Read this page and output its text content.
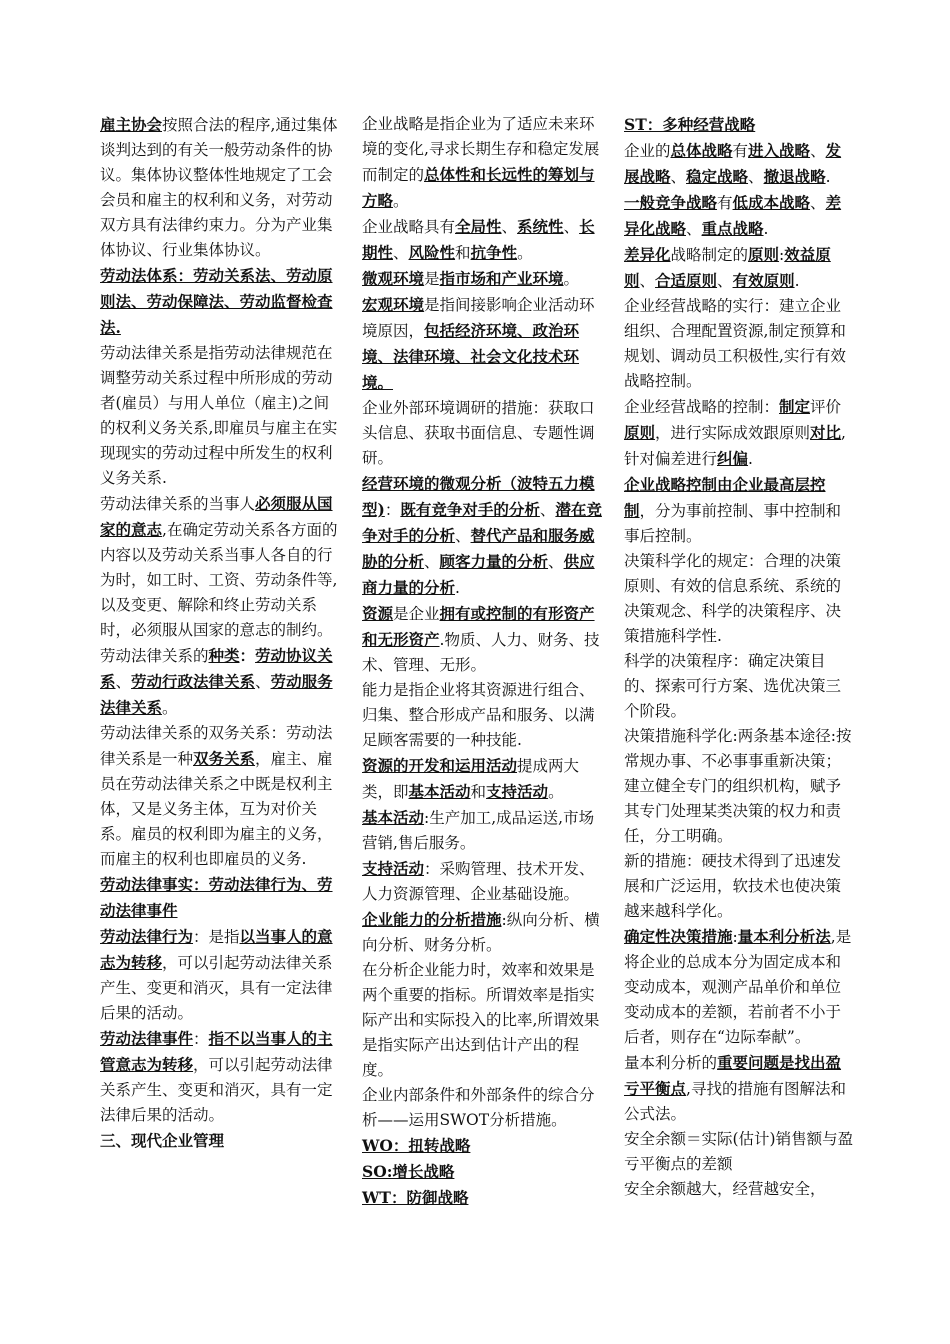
雇主协会按照合法的程序,通过集体谈判达到的有关一般劳动条件的协议。集体协议整体性地规定了工会会员和雇主的权利和义务，对劳动双方具有法律约束力。分为产业集体协议、行业集体协议。

劳动法体系：劳动关系法、劳动原则法、劳动保障法、劳动监督检查法.

劳动法律关系是指劳动法律规范在调整劳动关系过程中所形成的劳动者(雇员）与用人单位（雇主)之间的权利义务关系,即雇员与雇主在实现现实的劳动过程中所发生的权利义务关系.

劳动法律关系的当事人必须服从国家的意志,在确定劳动关系各方面的内容以及劳动关系当事人各自的行为时，如工时、工资、劳动条件等,以及变更、解除和终止劳动关系时，必须服从国家的意志的制约。

劳动法律关系的种类：劳动协议关系、劳动行政法律关系、劳动服务法律关系。

劳动法律关系的双务关系：劳动法律关系是一种双务关系，雇主、雇员在劳动法律关系之中既是权利主体，又是义务主体，互为对价关系。雇员的权利即为雇主的义务，而雇主的权利也即雇员的义务.

劳动法律事实：劳动法律行为、劳动法律事件

劳动法律行为：是指以当事人的意志为转移，可以引起劳动法律关系产生、变更和消灭，具有一定法律后果的活动。

劳动法律事件：指不以当事人的主管意志为转移，可以引起劳动法律关系产生、变更和消灭，具有一定法律后果的活动。

三、现代企业管理

企业战略是指企业为了适应未来环境的变化,寻求长期生存和稳定发展而制定的总体性和长远性的筹划与方略。

企业战略具有全局性、系统性、长期性、风险性和抗争性。

微观环境是指市场和产业环境。

宏观环境是指间接影响企业活动环境原因，包括经济环境、政治环境、法律环境、社会文化技术环境。

企业外部环境调研的措施：获取口头信息、获取书面信息、专题性调研。

经营环境的微观分析（波特五力模型)：既有竞争对手的分析、潜在竞争对手的分析、替代产品和服务威胁的分析、顾客力量的分析、供应商力量的分析.

资源是企业拥有或控制的有形资产和无形资产.物质、人力、财务、技术、管理、无形。

能力是指企业将其资源进行组合、归集、整合形成产品和服务、以满足顾客需要的一种技能.

资源的开发和运用活动提成两大类，即基本活动和支持活动。

基本活动:生产加工,成品运送,市场营销,售后服务。

支持活动：采购管理、技术开发、人力资源管理、企业基础设施。

企业能力的分析措施:纵向分析、横向分析、财务分析。

在分析企业能力时，效率和效果是两个重要的指标。所谓效率是指实际产出和实际投入的比率,所谓效果是指实际产出达到估计产出的程度。

企业内部条件和外部条件的综合分析——运用SWOT分析措施。

WO：扭转战略

SO:增长战略

WT：防御战略

ST：多种经营战略

企业的总体战略有进入战略、发展战略、稳定战略、撤退战略.

一般竞争战略有低成本战略、差异化战略、重点战略.

差异化战略制定的原则:效益原则、合适原则、有效原则.

企业经营战略的实行：建立企业组织、合理配置资源,制定预算和规划、调动员工积极性,实行有效战略控制。

企业经营战略的控制：制定评价原则，进行实际成效跟原则对比,针对偏差进行纠偏.

企业战略控制由企业最高层控制，分为事前控制、事中控制和事后控制。

决策科学化的规定：合理的决策原则、有效的信息系统、系统的决策观念、科学的决策程序、决策措施科学性.

科学的决策程序：确定决策目的、探索可行方案、选优决策三个阶段。

决策措施科学化:两条基本途径:按常规办事、不必事事重新决策；建立健全专门的组织机构，赋予其专门处理某类决策的权力和责任，分工明确。

新的措施：硬技术得到了迅速发展和广泛运用，软技术也使决策越来越科学化。

确定性决策措施:量本利分析法,是将企业的总成本分为固定成本和变动成本，观测产品单价和单位变动成本的差额，若前者不小于后者，则存在“边际奉献”。

量本利分析的重要问题是找出盈亏平衡点,寻找的措施有图解法和公式法。

安全余额＝实际(估计)销售额与盈亏平衡点的差额

安全余额越大，经营越安全，
